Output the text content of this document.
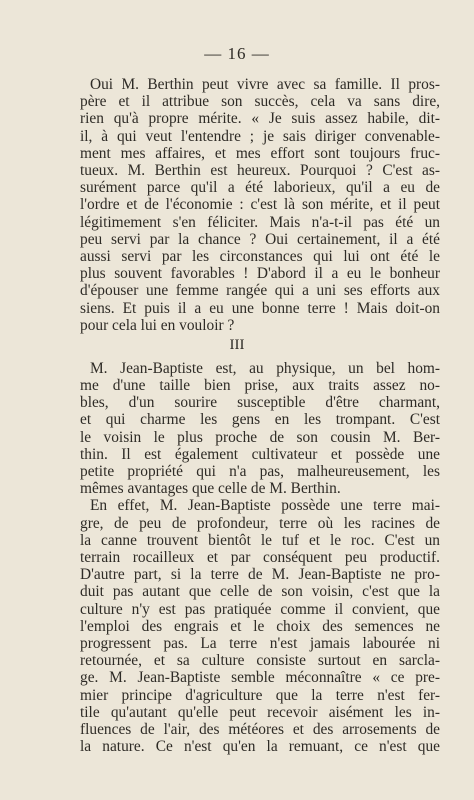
— 16 —
Oui M. Berthin peut vivre avec sa famille. Il pros-
père et il attribue son succès, cela va sans dire,
rien qu'à propre mérite. « Je suis assez habile, dit-
il, à qui veut l'entendre ; je sais diriger convenable-
ment mes affaires, et mes effort sont toujours fruc-
tueux. M. Berthin est heureux. Pourquoi ? C'est as-
surément parce qu'il a été laborieux, qu'il a eu de
l'ordre et de l'économie : c'est là son mérite, et il peut
légitimement s'en féliciter. Mais n'a-t-il pas été un
peu servi par la chance ? Oui certainement, il a été
aussi servi par les circonstances qui lui ont été le
plus souvent favorables ! D'abord il a eu le bonheur
d'épouser une femme rangée qui a uni ses efforts aux
siens. Et puis il a eu une bonne terre ! Mais doit-on
pour cela lui en vouloir ?
III
M. Jean-Baptiste est, au physique, un bel hom-
me d'une taille bien prise, aux traits assez no-
bles, d'un sourire susceptible d'être charmant,
et qui charme les gens en les trompant. C'est
le voisin le plus proche de son cousin M. Ber-
thin. Il est également cultivateur et possède une
petite propriété qui n'a pas, malheureusement, les
mêmes avantages que celle de M. Berthin.
En effet, M. Jean-Baptiste possède une terre mai-
gre, de peu de profondeur, terre où les racines de
la canne trouvent bientôt le tuf et le roc. C'est un
terrain rocailleux et par conséquent peu productif.
D'autre part, si la terre de M. Jean-Baptiste ne pro-
duit pas autant que celle de son voisin, c'est que la
culture n'y est pas pratiquée comme il convient, que
l'emploi des engrais et le choix des semences ne
progressent pas. La terre n'est jamais labourée ni
retournée, et sa culture consiste surtout en sarcla-
ge. M. Jean-Baptiste semble méconnaître « ce pre-
mier principe d'agriculture que la terre n'est fer-
tile qu'autant qu'elle peut recevoir aisément les in-
fluences de l'air, des météores et des arrosements de
la nature. Ce n'est qu'en la remuant, ce n'est que
